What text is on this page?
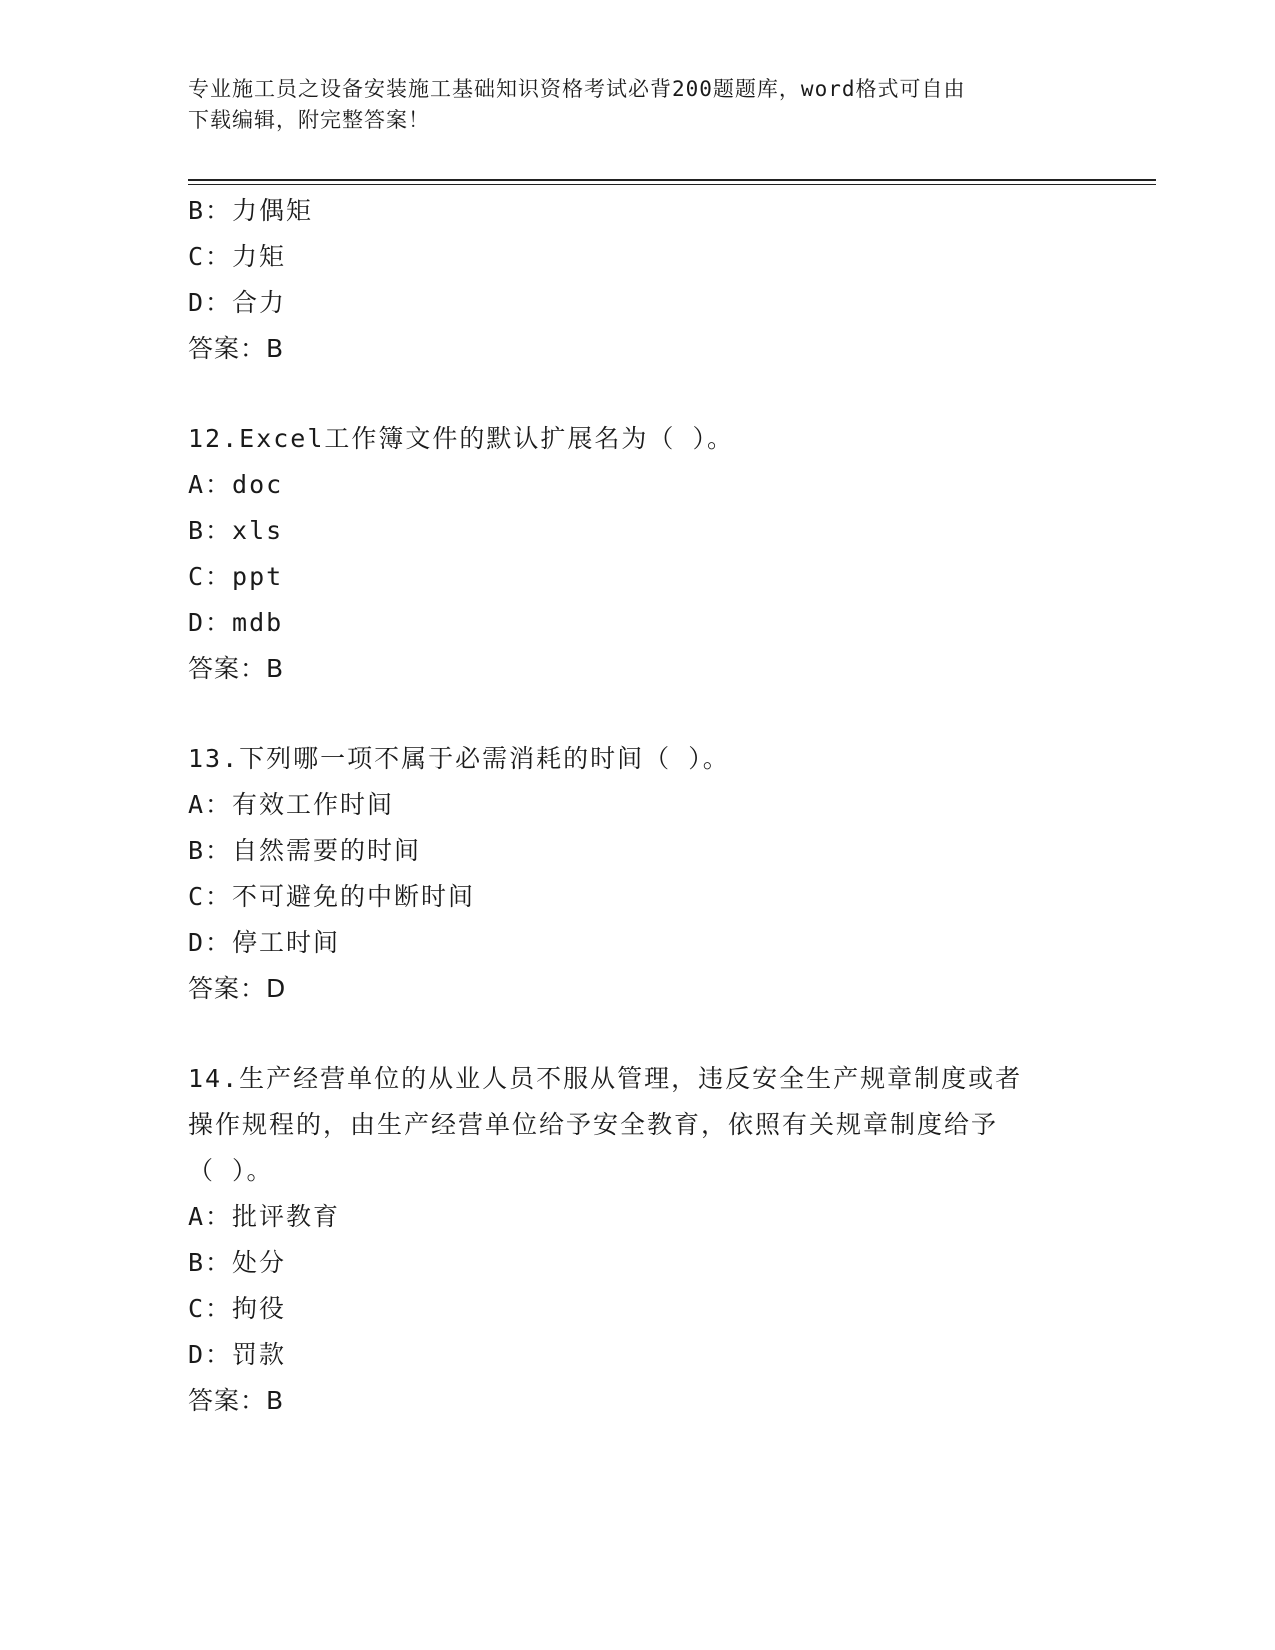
专业施工员之设备安装施工基础知识资格考试必背200题题库，word格式可自由
下载编辑，附完整答案！
B：力偶矩
C：力矩
D：合力
答案：B
12.Excel工作簿文件的默认扩展名为（ ）。
A：doc
B：xls
C：ppt
D：mdb
答案：B
13.下列哪一项不属于必需消耗的时间（ ）。
A：有效工作时间
B：自然需要的时间
C：不可避免的中断时间
D：停工时间
答案：D
14.生产经营单位的从业人员不服从管理，违反安全生产规章制度或者
操作规程的，由生产经营单位给予安全教育，依照有关规章制度给予
（ ）。
A：批评教育
B：处分
C：拘役
D：罚款
答案：B
